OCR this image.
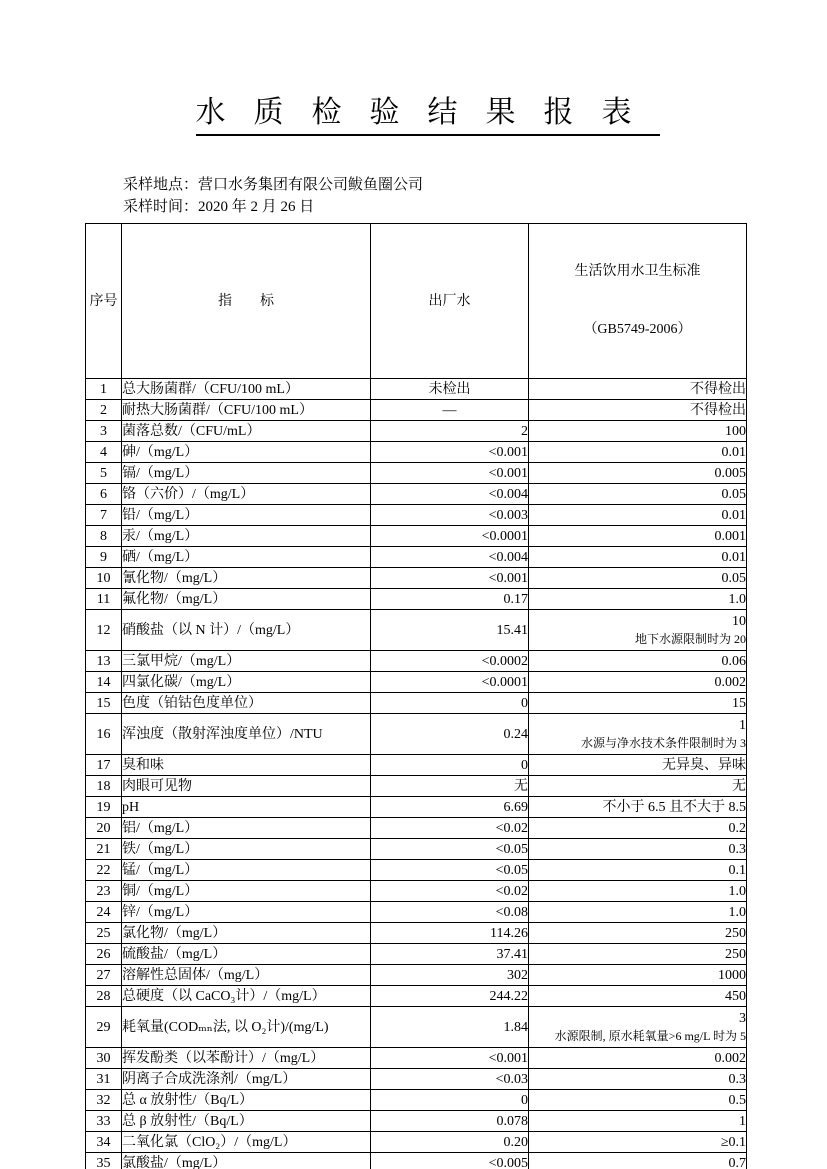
水质检验结果报表
采样地点：营口水务集团有限公司鲅鱼圈公司
采样时间：2020 年 2 月 26 日
序号	指　　标	出厂水	生活饮用水卫生标准

（GB5749-2006）

1	总大肠菌群/（CFU/100 mL）	未检出	不得检出

2	耐热大肠菌群/（CFU/100 mL）	—	不得检出

3	菌落总数/（CFU/mL）	2	100

4	砷/（mg/L）	<0.001	0.01

5	镉/（mg/L）	<0.001	0.005

6	铬（六价）/（mg/L）	<0.004	0.05

7	铅/（mg/L）	<0.003	0.01

8	汞/（mg/L）	<0.0001	0.001

9	硒/（mg/L）	<0.004	0.01

10	氰化物/（mg/L）	<0.001	0.05

11	氟化物/（mg/L）	0.17	1.0

12	硝酸盐（以 N 计）/（mg/L）	15.41	10
地下水源限制时为 20

13	三氯甲烷/（mg/L）	<0.0002	0.06

14	四氯化碳/（mg/L）	<0.0001	0.002

15	色度（铂钴色度单位）	0	15

16	浑浊度（散射浑浊度单位）/NTU	0.24	1
水源与净水技术条件限制时为 3

17	臭和味	0	无异臭、异味

18	肉眼可见物	无	无

19	pH	6.69	不小于 6.5 且不大于 8.5

20	铝/（mg/L）	<0.02	0.2

21	铁/（mg/L）	<0.05	0.3

22	锰/（mg/L）	<0.05	0.1

23	铜/（mg/L）	<0.02	1.0

24	锌/（mg/L）	<0.08	1.0

25	氯化物/（mg/L）	114.26	250

26	硫酸盐/（mg/L）	37.41	250

27	溶解性总固体/（mg/L）	302	1000

28	总硬度（以 CaCO₃计）/（mg/L）	244.22	450

29	耗氧量(CODₘₙ法, 以 O₂计)/(mg/L)	1.84	3
水源限制, 原水耗氧量>6 mg/L 时为 5

30	挥发酚类（以苯酚计）/（mg/L）	<0.001	0.002

31	阴离子合成洗涤剂/（mg/L）	<0.03	0.3

32	总 α 放射性/（Bq/L）	0	0.5

33	总 β 放射性/（Bq/L）	0.078	1

34	二氧化氯（ClO₂）/（mg/L）	0.20	≥0.1

35	氯酸盐/（mg/L）	<0.005	0.7
